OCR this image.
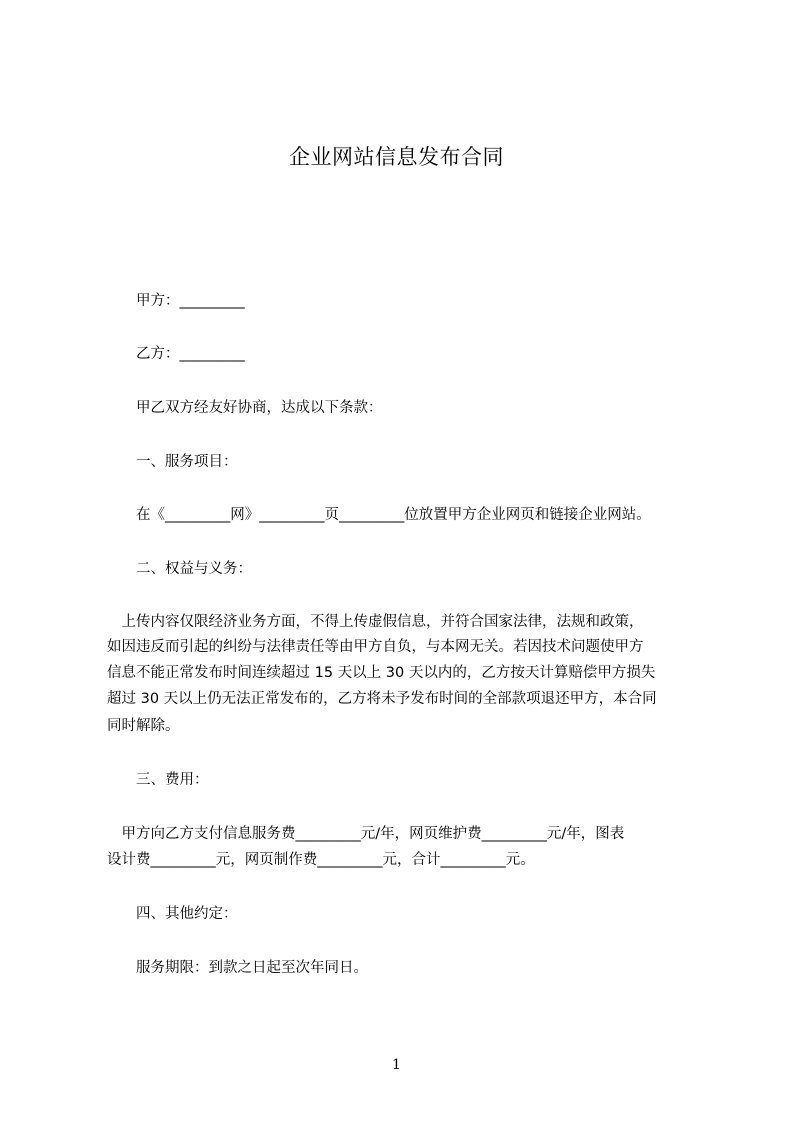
企业网站信息发布合同
甲方：_________
乙方：_________
甲乙双方经友好协商，达成以下条款：
一、服务项目：
在《_________网》_________页_________位放置甲方企业网页和链接企业网站。
二、权益与义务：
　上传内容仅限经济业务方面，不得上传虚假信息，并符合国家法律，法规和政策，
如因违反而引起的纠纷与法律责任等由甲方自负，与本网无关。若因技术问题使甲方
信息不能正常发布时间连续超过 15 天以上 30 天以内的，乙方按天计算赔偿甲方损失
超过 30 天以上仍无法正常发布的，乙方将未予发布时间的全部款项退还甲方，本合同
同时解除。
三、费用：
　甲方向乙方支付信息服务费_________元/年，网页维护费_________元/年，图表
设计费_________元，网页制作费_________元，合计_________元。
四、其他约定：
服务期限：到款之日起至次年同日。
1
